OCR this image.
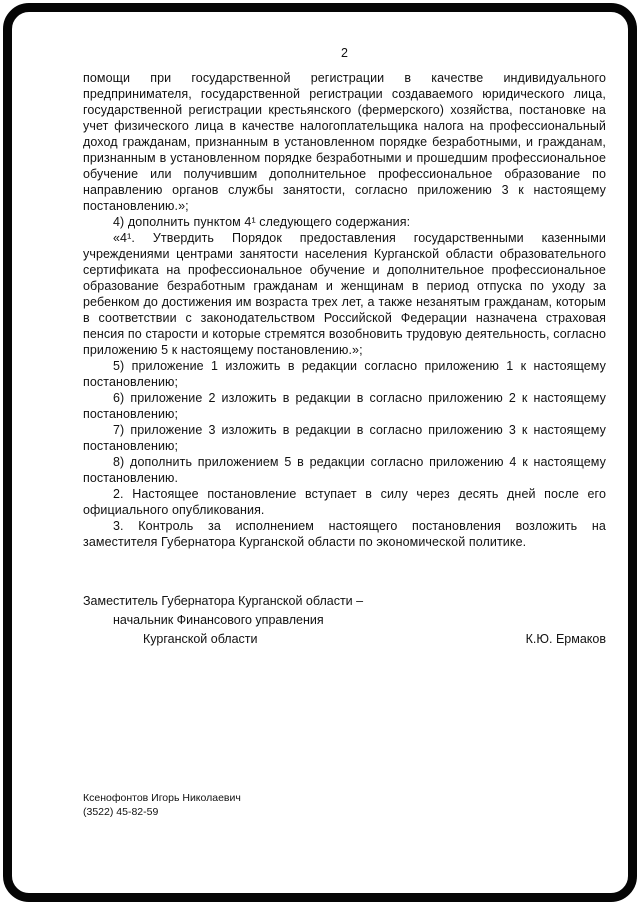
2

помощи при государственной регистрации в качестве индивидуального предпринимателя, государственной регистрации создаваемого юридического лица, государственной регистрации крестьянского (фермерского) хозяйства, постановке на учет физического лица в качестве налогоплательщика налога на профессиональный доход гражданам, признанным в установленном порядке безработными, и гражданам, признанным в установленном порядке безработными и прошедшим профессиональное обучение или получившим дополнительное профессиональное образование по направлению органов службы занятости, согласно приложению 3 к настоящему постановлению.»;

4) дополнить пунктом 4¹ следующего содержания:

«4¹. Утвердить Порядок предоставления государственными казенными учреждениями центрами занятости населения Курганской области образовательного сертификата на профессиональное обучение и дополнительное профессиональное образование безработным гражданам и женщинам в период отпуска по уходу за ребенком до достижения им возраста трех лет, а также незанятым гражданам, которым в соответствии с законодательством Российской Федерации назначена страховая пенсия по старости и которые стремятся возобновить трудовую деятельность, согласно приложению 5 к настоящему постановлению.»;

5) приложение 1 изложить в редакции согласно приложению 1 к настоящему постановлению;

6) приложение 2 изложить в редакции в согласно приложению 2 к настоящему постановлению;

7) приложение 3 изложить в редакции в согласно приложению 3 к настоящему постановлению;

8) дополнить приложением 5 в редакции согласно приложению 4 к настоящему постановлению.

2. Настоящее постановление вступает в силу через десять дней после его официального опубликования.

3. Контроль за исполнением настоящего постановления возложить на заместителя Губернатора Курганской области по экономической политике.

Заместитель Губернатора Курганской области –
начальник Финансового управления
Курганской области	К.Ю. Ермаков
Ксенофонтов Игорь Николаевич
(3522) 45-82-59
